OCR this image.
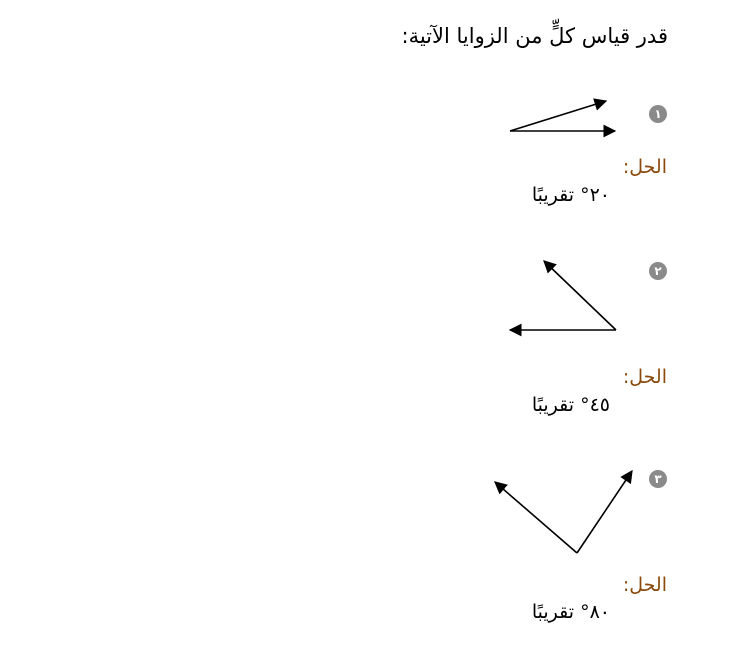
قدر قياس كلٍّ من الزوايا الآتية:
١
الحل:
٢٠° تقريبًا
٢
الحل:
٤٥° تقريبًا
٣
الحل:
٨٠° تقريبًا
